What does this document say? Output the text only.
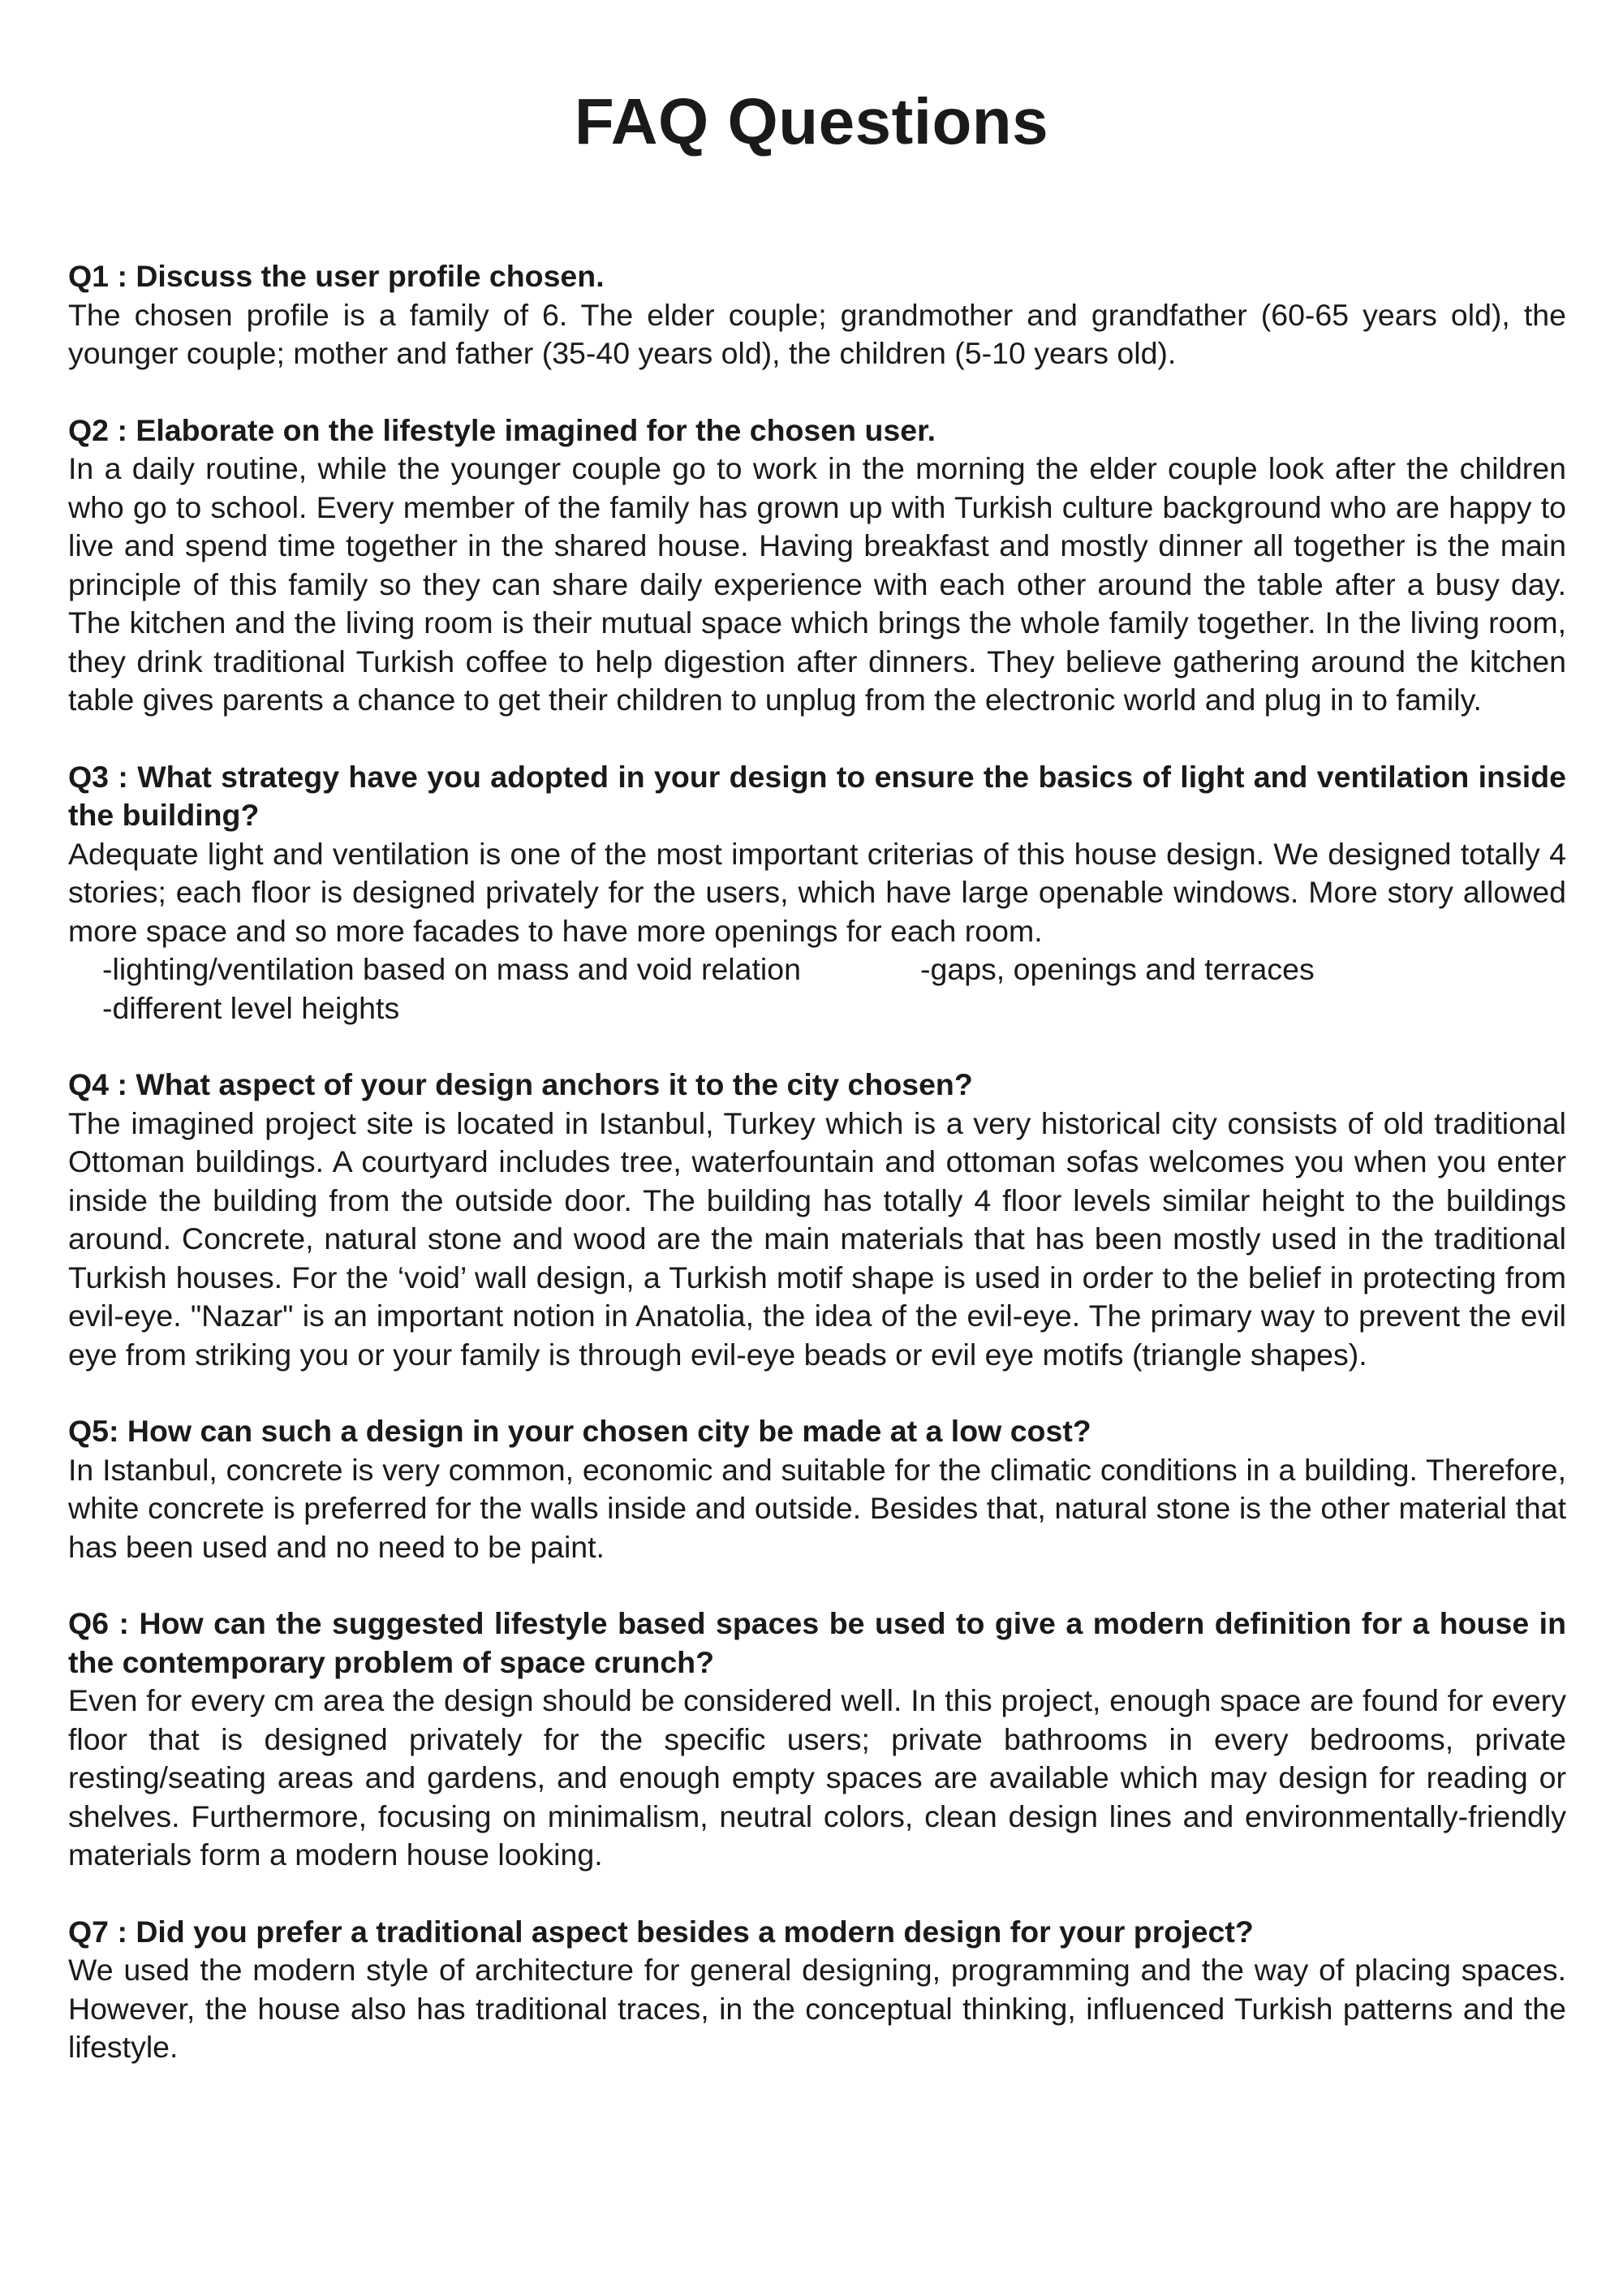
FAQ Questions

Q1 : Discuss the user profile chosen.

The chosen profile is a family of 6. The elder couple; grandmother and grandfather (60-65 years old), the younger couple; mother and father (35-40 years old), the children (5-10 years old).

Q2 : Elaborate on the lifestyle imagined for the chosen user.

In a daily routine, while the younger couple go to work in the morning the elder couple look after the children who go to school. Every member of the family has grown up with Turkish culture background who are happy to live and spend time together in the shared house. Having breakfast and mostly dinner all together is the main principle of this family so they can share daily experience with each other around the table after a busy day. The kitchen and the living room is their mutual space which brings the whole family together. In the living room, they drink traditional Turkish coffee to help digestion after dinners. They believe gathering around the kitchen table gives parents a chance to get their children to unplug from the electronic world and plug in to family.

Q3 : What strategy have you adopted in your design to ensure the basics of light and ventilation inside the building?

Adequate light and ventilation is one of the most important criterias of this house design. We designed totally 4 stories; each floor is designed privately for the users, which have large openable windows. More story allowed more space and so more facades to have more openings for each room.

-lighting/ventilation based on mass and void relation	-gaps, openings and terraces
-different level heights

Q4 : What aspect of your design anchors it to the city chosen?

The imagined project site is located in Istanbul, Turkey which is a very historical city consists of old traditional Ottoman buildings. A courtyard includes tree, waterfountain and ottoman sofas welcomes you when you enter inside the building from the outside door. The building has totally 4 floor levels similar height to the buildings around. Concrete, natural stone and wood are the main materials that has been mostly used in the traditional Turkish houses. For the ‘void’ wall design, a Turkish motif shape is used in order to the belief in protecting from evil-eye. "Nazar" is an important notion in Anatolia, the idea of the evil-eye. The primary way to prevent the evil eye from striking you or your family is through evil-eye beads or evil eye motifs (triangle shapes).

Q5: How can such a design in your chosen city be made at a low cost?

In Istanbul, concrete is very common, economic and suitable for the climatic conditions in a building. Therefore, white concrete is preferred for the walls inside and outside. Besides that, natural stone is the other material that has been used and no need to be paint.

Q6 : How can the suggested lifestyle based spaces be used to give a modern definition for a house in the contemporary problem of space crunch?

Even for every cm area the design should be considered well. In this project, enough space are found for every floor that is designed privately for the specific users; private bathrooms in every bedrooms, private resting/seating areas and gardens, and enough empty spaces are available which may design for reading or shelves. Furthermore, focusing on minimalism, neutral colors, clean design lines and environmentally-friendly materials form a modern house looking.

Q7 : Did you prefer a traditional aspect besides a modern design for your project?

We used the modern style of architecture for general designing, programming and the way of placing spaces. However, the house also has traditional traces, in the conceptual thinking, influenced Turkish patterns and the lifestyle.
